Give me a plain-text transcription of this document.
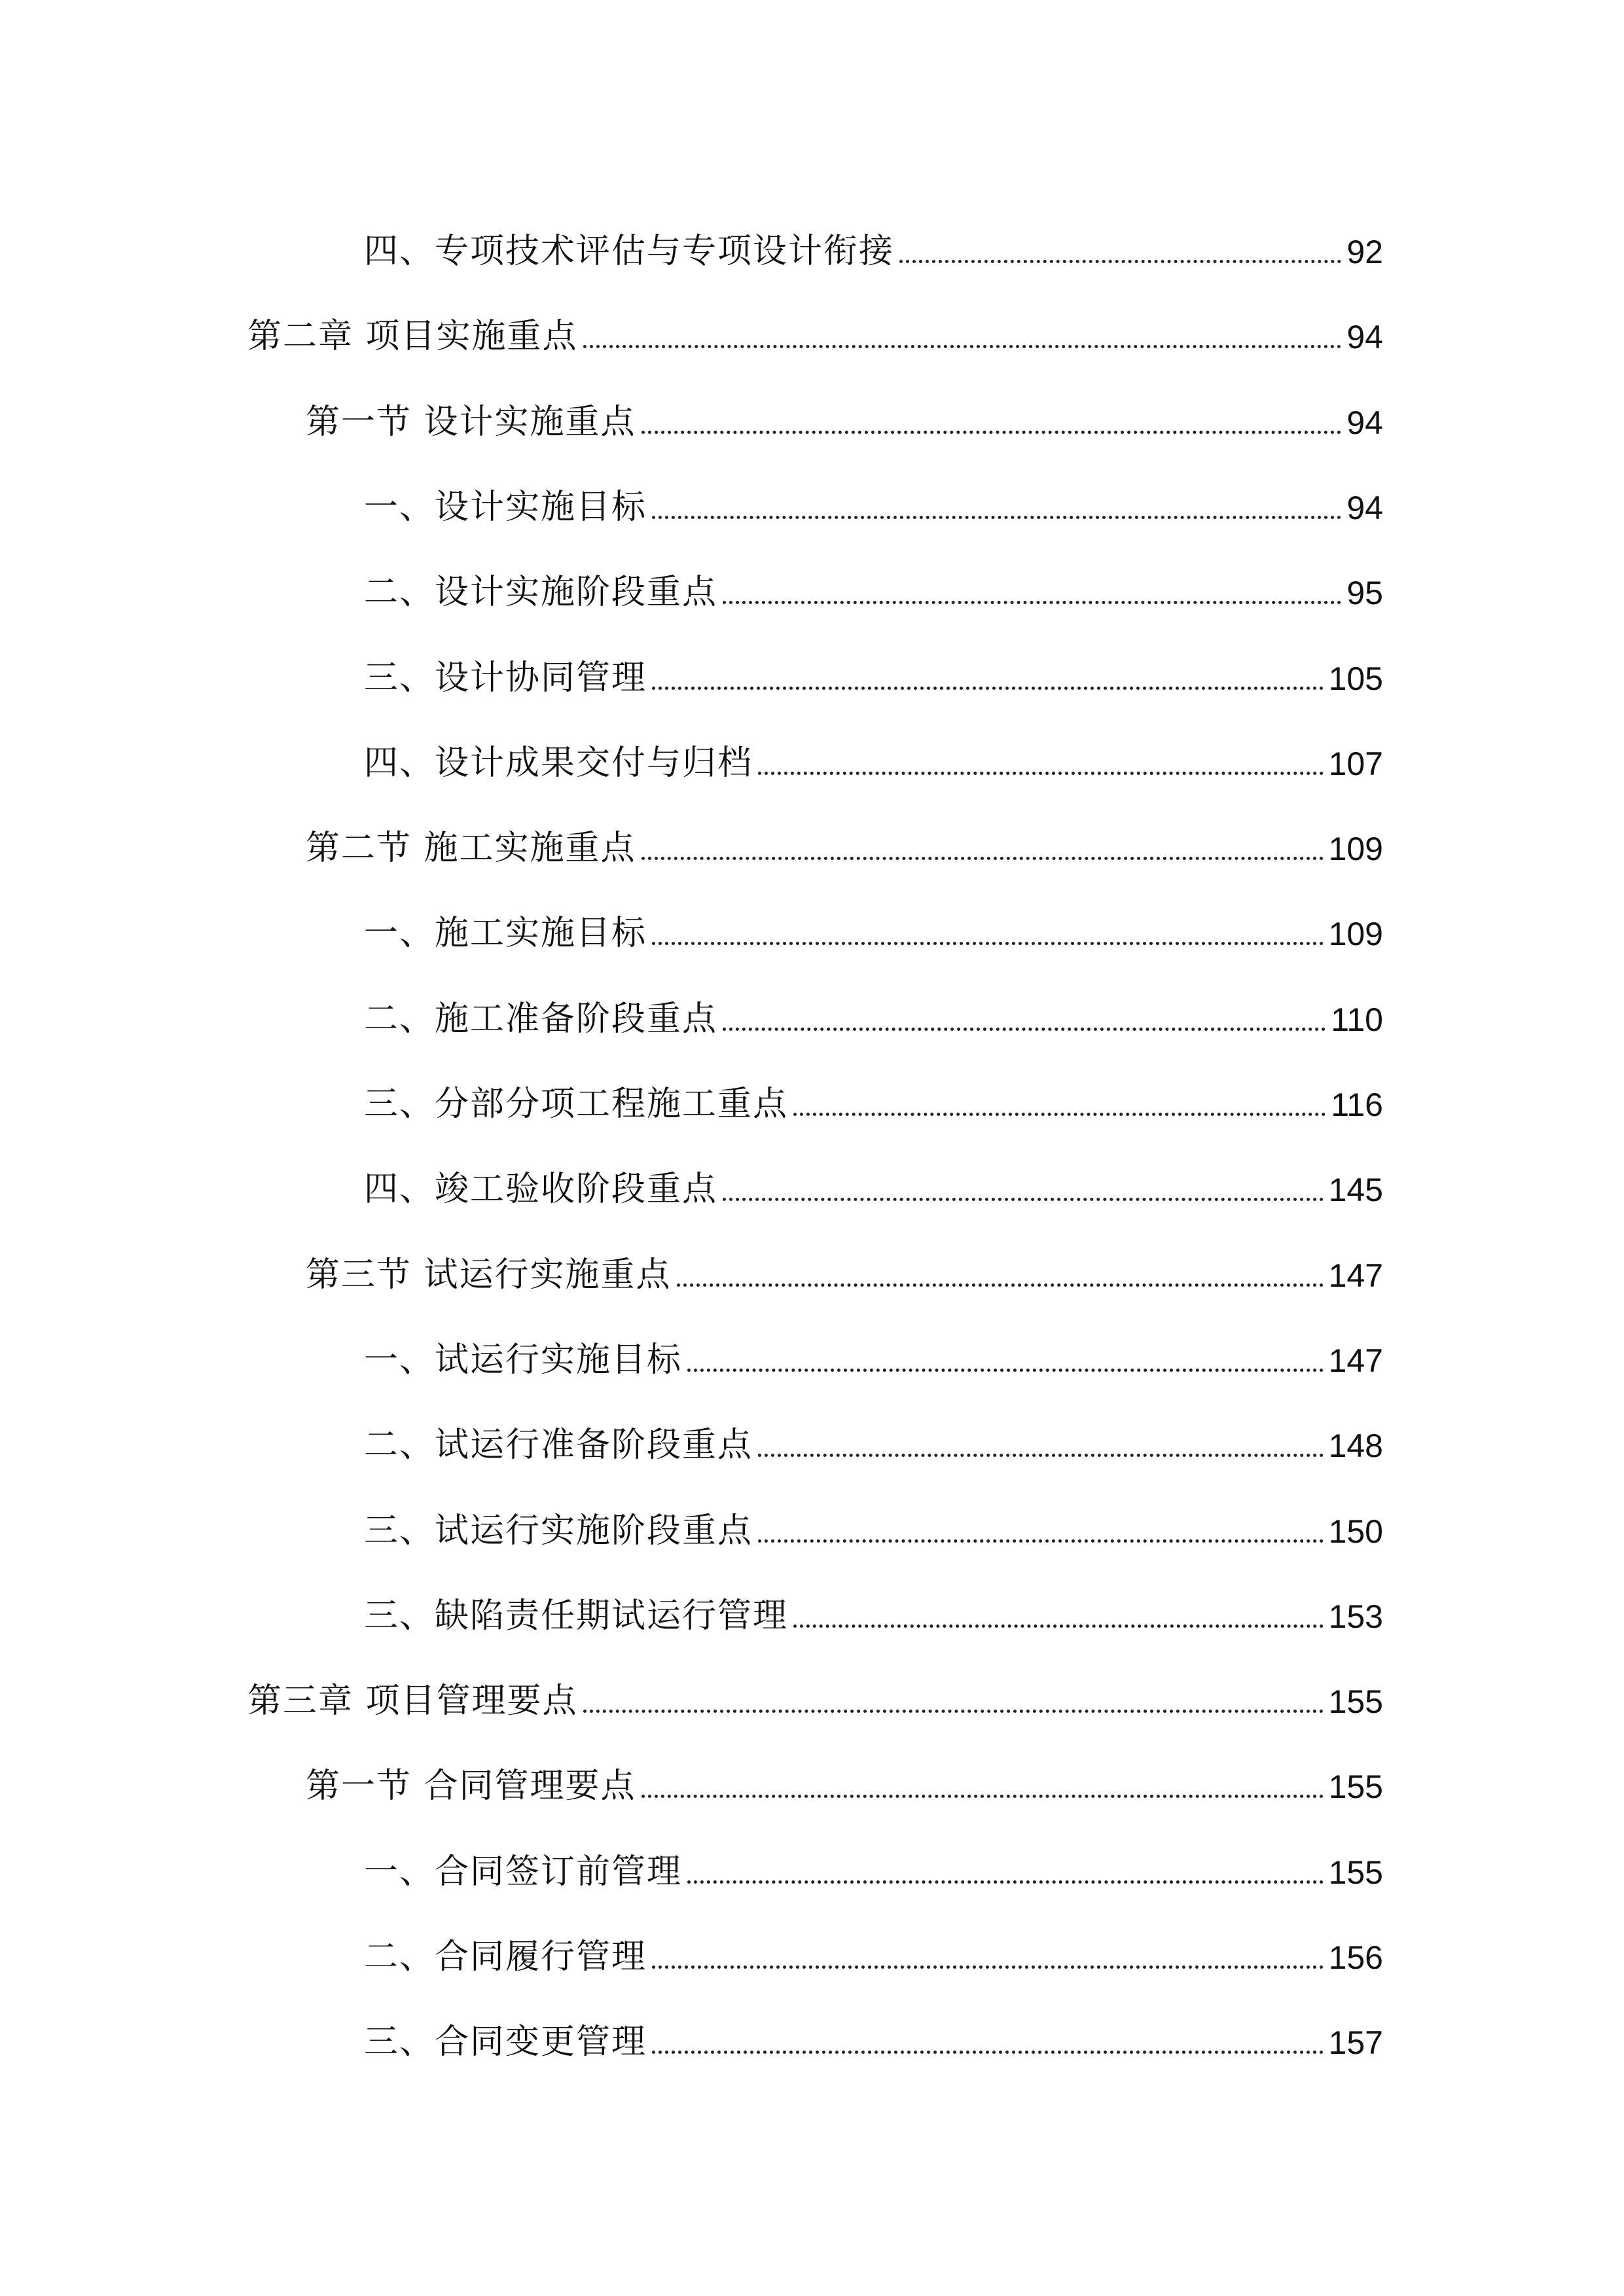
四、专项技术评估与专项设计衔接	92
第二章 项目实施重点	94
第一节 设计实施重点	94
一、设计实施目标	94
二、设计实施阶段重点	95
三、设计协同管理	105
四、设计成果交付与归档	107
第二节 施工实施重点	109
一、施工实施目标	109
二、施工准备阶段重点	110
三、分部分项工程施工重点	116
四、竣工验收阶段重点	145
第三节 试运行实施重点	147
一、试运行实施目标	147
二、试运行准备阶段重点	148
三、试运行实施阶段重点	150
三、缺陷责任期试运行管理	153
第三章 项目管理要点	155
第一节 合同管理要点	155
一、合同签订前管理	155
二、合同履行管理	156
三、合同变更管理	157
